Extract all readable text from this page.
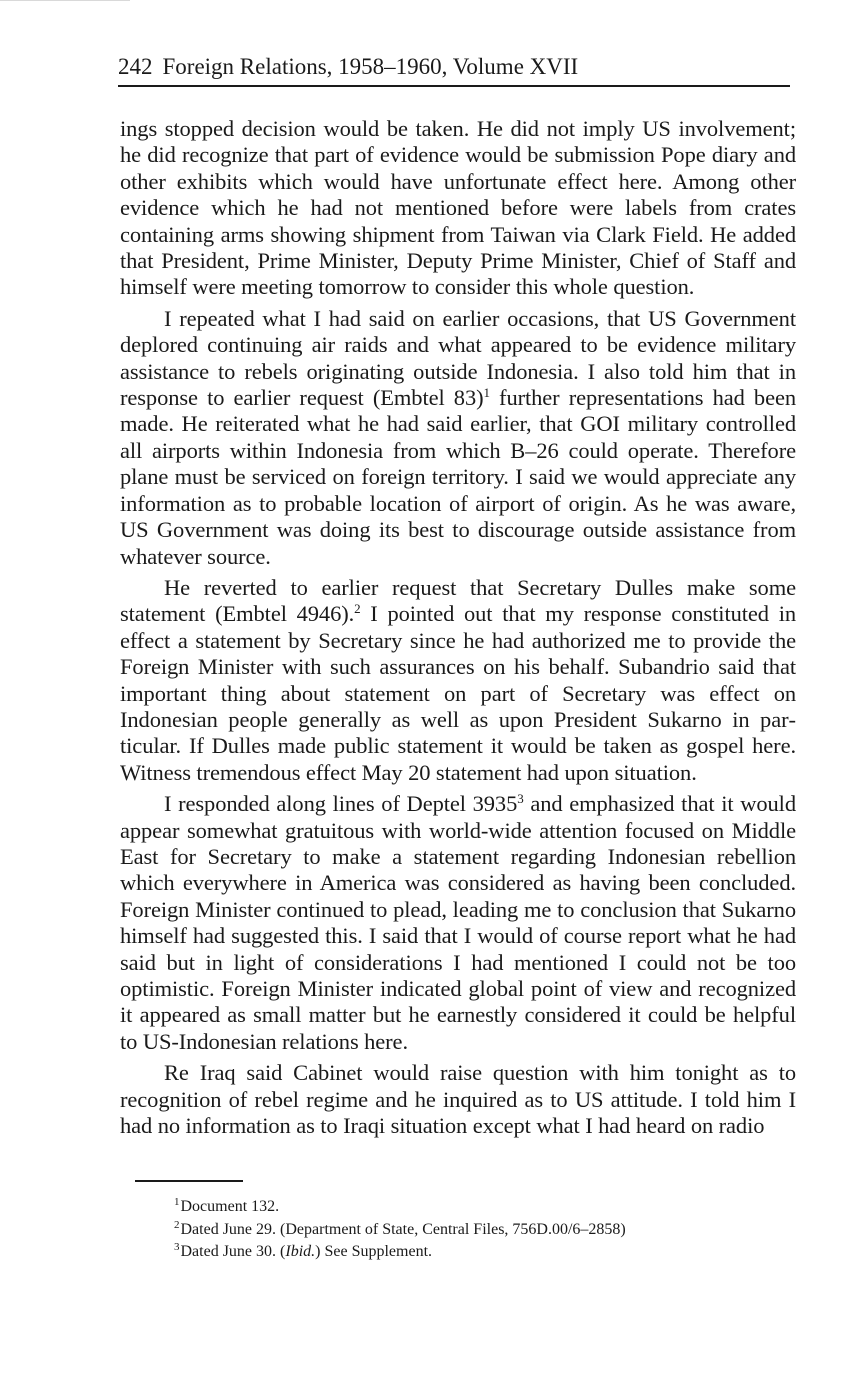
242 Foreign Relations, 1958–1960, Volume XVII

ings stopped decision would be taken. He did not imply US involvement; he did recognize that part of evidence would be submission Pope diary and other exhibits which would have unfortunate effect here. Among other evidence which he had not mentioned before were labels from crates containing arms showing shipment from Taiwan via Clark Field. He added that President, Prime Minister, Deputy Prime Minister, Chief of Staff and himself were meeting tomorrow to consider this whole question.

I repeated what I had said on earlier occasions, that US Government deplored continuing air raids and what appeared to be evidence military assistance to rebels originating outside Indonesia. I also told him that in response to earlier request (Embtel 83)$^1$ further representations had been made. He reiterated what he had said earlier, that GOI military controlled all airports within Indonesia from which B–26 could operate. Therefore plane must be serviced on foreign territory. I said we would appreciate any information as to probable location of airport of origin. As he was aware, US Government was doing its best to discourage outside assistance from whatever source.

He reverted to earlier request that Secretary Dulles make some statement (Embtel 4946).$^2$ I pointed out that my response constituted in effect a statement by Secretary since he had authorized me to provide the Foreign Minister with such assurances on his behalf. Subandrio said that important thing about statement on part of Secretary was effect on Indonesian people generally as well as upon President Sukarno in particular. If Dulles made public statement it would be taken as gospel here. Witness tremendous effect May 20 statement had upon situation.

I responded along lines of Deptel 3935$^3$ and emphasized that it would appear somewhat gratuitous with world-wide attention focused on Middle East for Secretary to make a statement regarding Indonesian rebellion which everywhere in America was considered as having been concluded. Foreign Minister continued to plead, leading me to conclusion that Sukarno himself had suggested this. I said that I would of course report what he had said but in light of considerations I had mentioned I could not be too optimistic. Foreign Minister indicated global point of view and recognized it appeared as small matter but he earnestly considered it could be helpful to US-Indonesian relations here.

Re Iraq said Cabinet would raise question with him tonight as to recognition of rebel regime and he inquired as to US attitude. I told him I had no information as to Iraqi situation except what I had heard on radio

$^1$Document 132.
$^2$Dated June 29. (Department of State, Central Files, 756D.00/6–2858)
$^3$Dated June 30. (Ibid.) See Supplement.
